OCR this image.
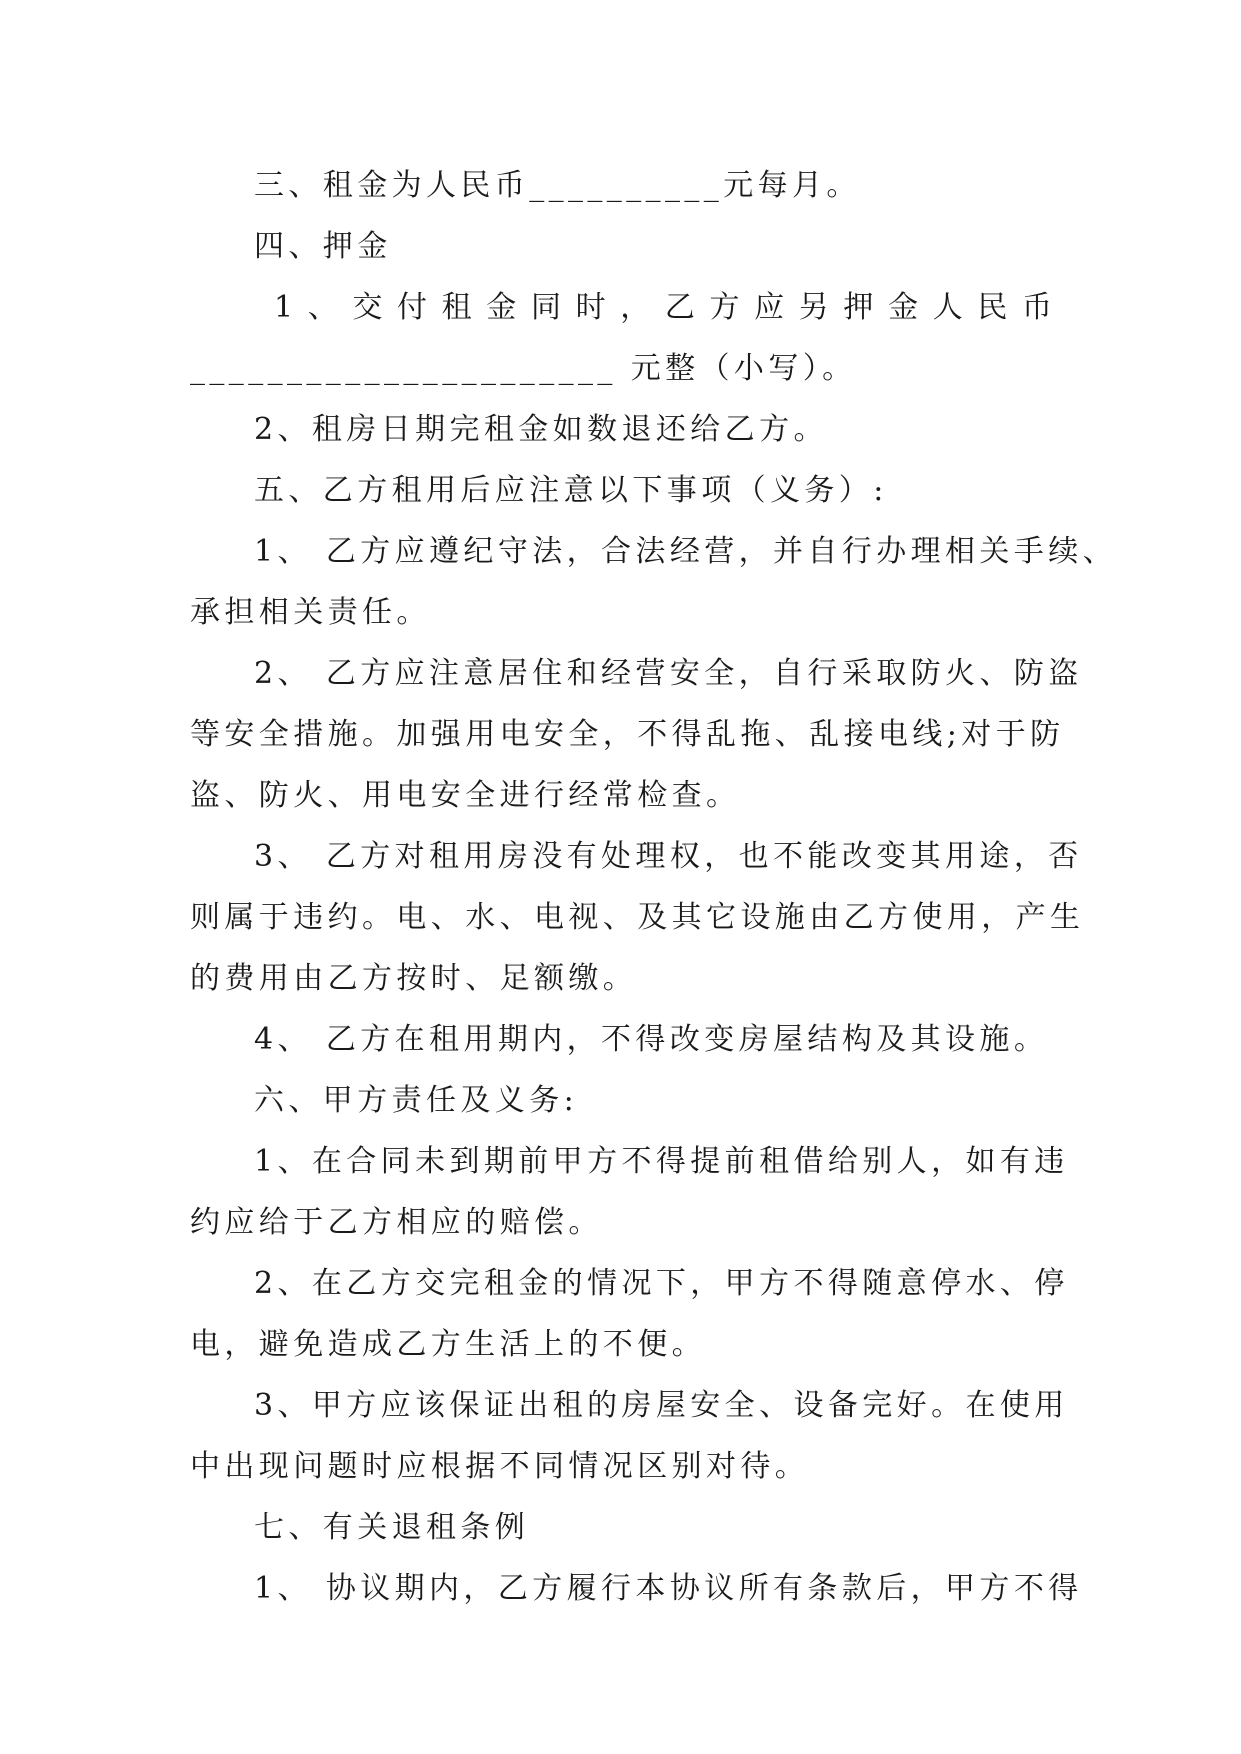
三、租金为人民币__________元每月。
四、押金
1 、 交 付 租 金 同 时 ， 乙 方 应 另 押 金 人 民 币
______________________ 元整（小写）。
2、租房日期完租金如数退还给乙方。
五、乙方租用后应注意以下事项（义务）:
1、 乙方应遵纪守法，合法经营，并自行办理相关手续、
承担相关责任。
2、 乙方应注意居住和经营安全，自行采取防火、防盗
等安全措施。加强用电安全，不得乱拖、乱接电线;对于防
盗、防火、用电安全进行经常检查。
3、 乙方对租用房没有处理权，也不能改变其用途，否
则属于违约。电、水、电视、及其它设施由乙方使用，产生
的费用由乙方按时、足额缴。
4、 乙方在租用期内，不得改变房屋结构及其设施。
六、甲方责任及义务:
1、在合同未到期前甲方不得提前租借给别人，如有违
约应给于乙方相应的赔偿。
2、在乙方交完租金的情况下，甲方不得随意停水、停
电，避免造成乙方生活上的不便。
3、甲方应该保证出租的房屋安全、设备完好。在使用
中出现问题时应根据不同情况区别对待。
七、有关退租条例
1、 协议期内，乙方履行本协议所有条款后，甲方不得
